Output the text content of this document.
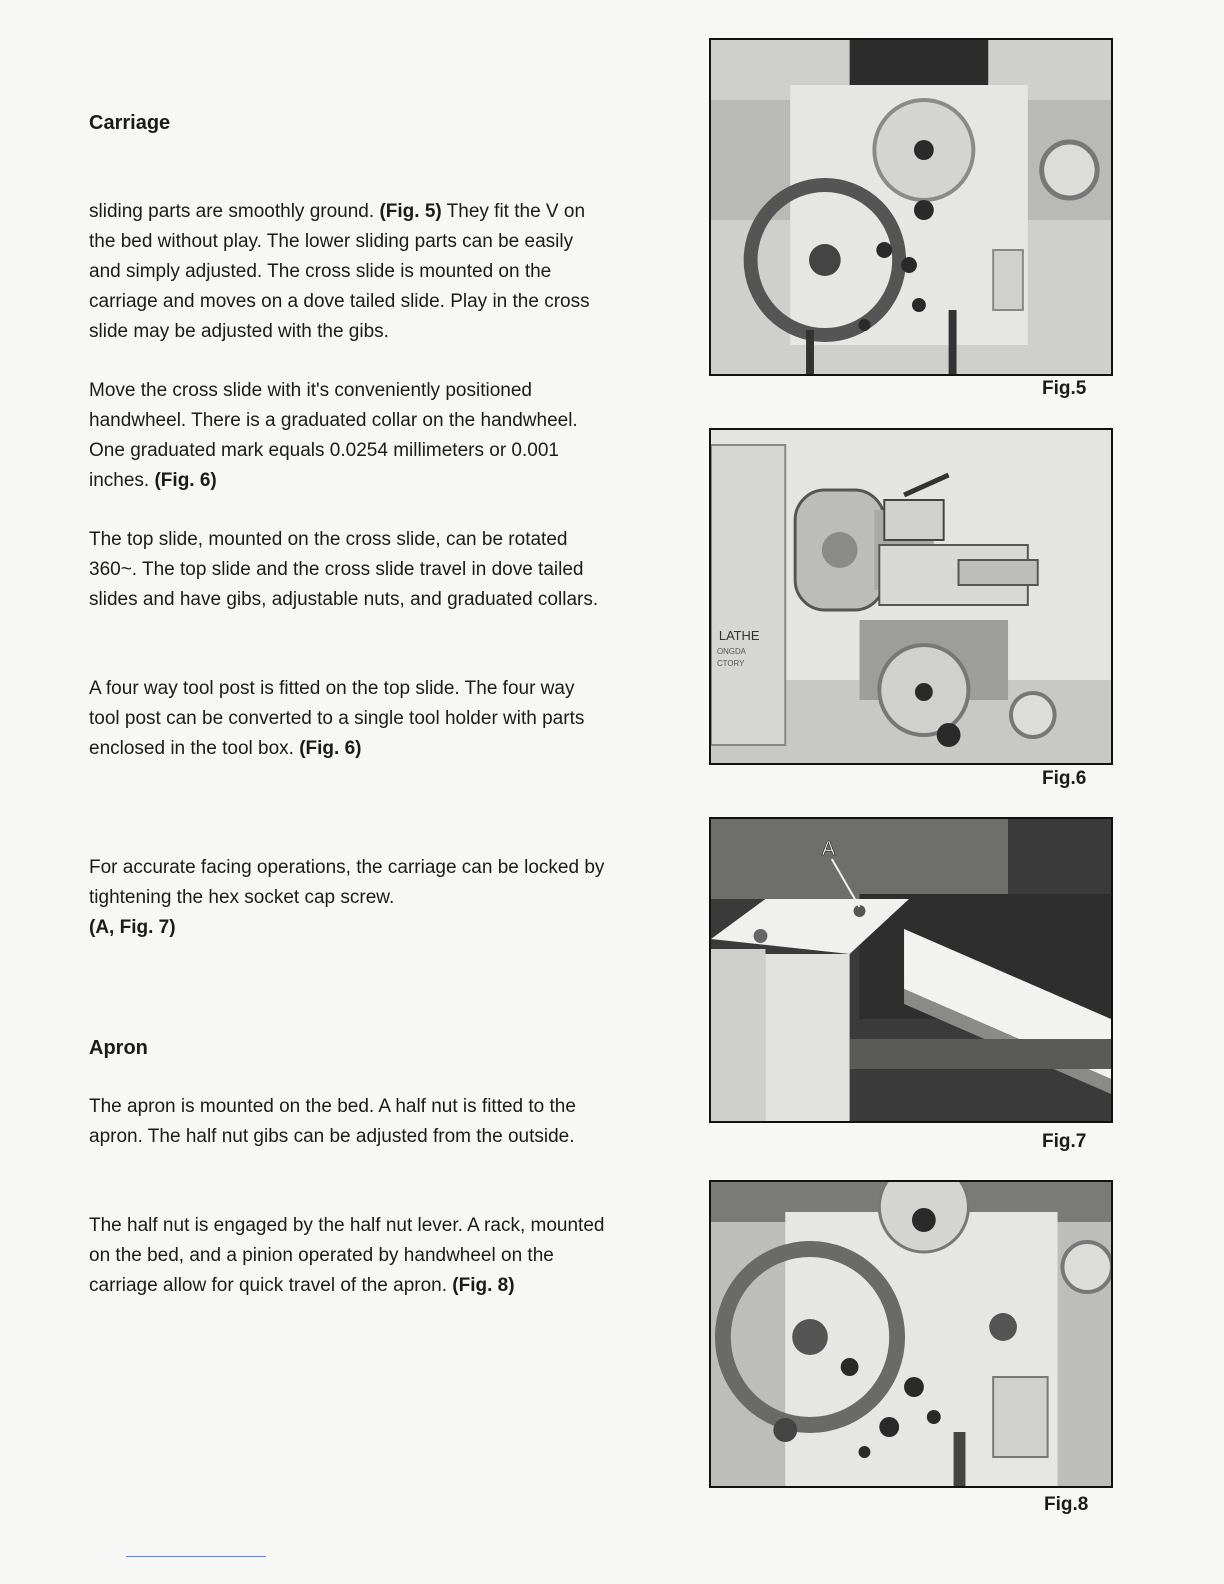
Carriage

sliding parts are smoothly ground. (Fig. 5) They fit the V on the bed without play. The lower sliding parts can be easily and simply adjusted. The cross slide is mounted on the carriage and moves on a dove tailed slide. Play in the cross slide may be adjusted with the gibs.

Move the cross slide with it's conveniently positioned handwheel. There is a graduated collar on the handwheel. One graduated mark equals 0.0254 millimeters or 0.001 inches. (Fig. 6)

The top slide, mounted on the cross slide, can be rotated 360~. The top slide and the cross slide travel in dove tailed slides and have gibs, adjustable nuts, and graduated collars.

A four way tool post is fitted on the top slide. The four way tool post can be converted to a single tool holder with parts enclosed in the tool box. (Fig. 6)

For accurate facing operations, the carriage can be locked by tightening the hex socket cap screw.
(A, Fig. 7)

Apron

The apron is mounted on the bed. A half nut is fitted to the apron. The half nut gibs can be adjusted from the outside.

The half nut is engaged by the half nut lever. A rack, mounted on the bed, and a pinion operated by handwheel on the carriage allow for quick travel of the apron. (Fig. 8)

Fig.5
LATHE
ONGDA
CTORY
Fig.6
A
Fig.7
Fig.8
